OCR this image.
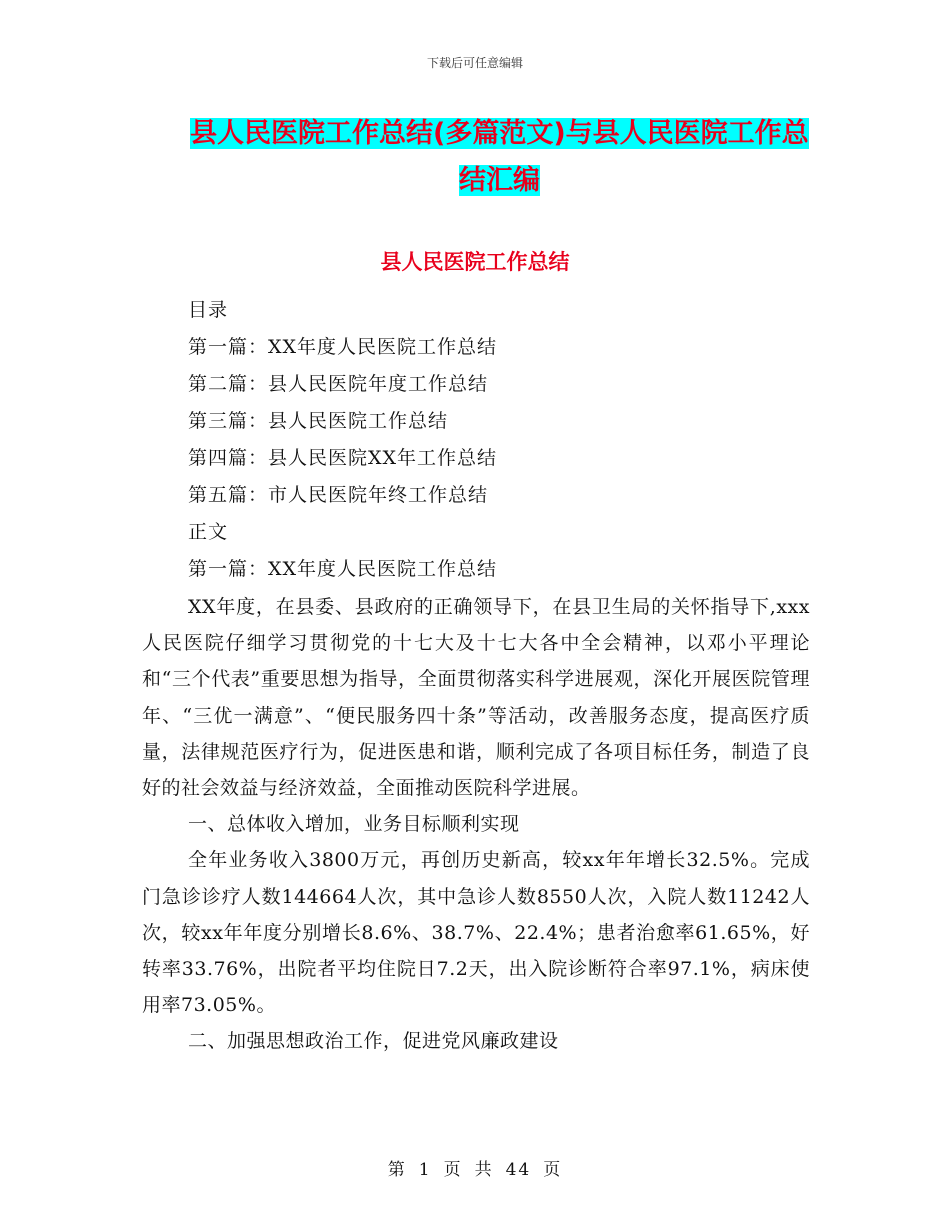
下载后可任意编辑
县人民医院工作总结(多篇范文)与县人民医院工作总
结汇编
县人民医院工作总结
目录
第一篇：XX年度人民医院工作总结
第二篇：县人民医院年度工作总结
第三篇：县人民医院工作总结
第四篇：县人民医院XX年工作总结
第五篇：市人民医院年终工作总结
正文
第一篇：XX年度人民医院工作总结

XX年度，在县委、县政府的正确领导下，在县卫生局的关怀指导下,xxx人民医院仔细学习贯彻党的十七大及十七大各中全会精神，以邓小平理论和“三个代表”重要思想为指导，全面贯彻落实科学进展观，深化开展医院管理年、“三优一满意”、“便民服务四十条”等活动，改善服务态度，提高医疗质量，法律规范医疗行为，促进医患和谐，顺利完成了各项目标任务，制造了良好的社会效益与经济效益，全面推动医院科学进展。

一、总体收入增加，业务目标顺利实现

全年业务收入3800万元，再创历史新高，较xx年年增长32.5%。完成门急诊诊疗人数144664人次，其中急诊人数8550人次，入院人数11242人次，较xx年年度分别增长8.6%、38.7%、22.4%；患者治愈率61.65%，好转率33.76%，出院者平均住院日7.2天，出入院诊断符合率97.1%，病床使用率73.05%。

二、加强思想政治工作，促进党风廉政建设

第 1 页 共 44 页
